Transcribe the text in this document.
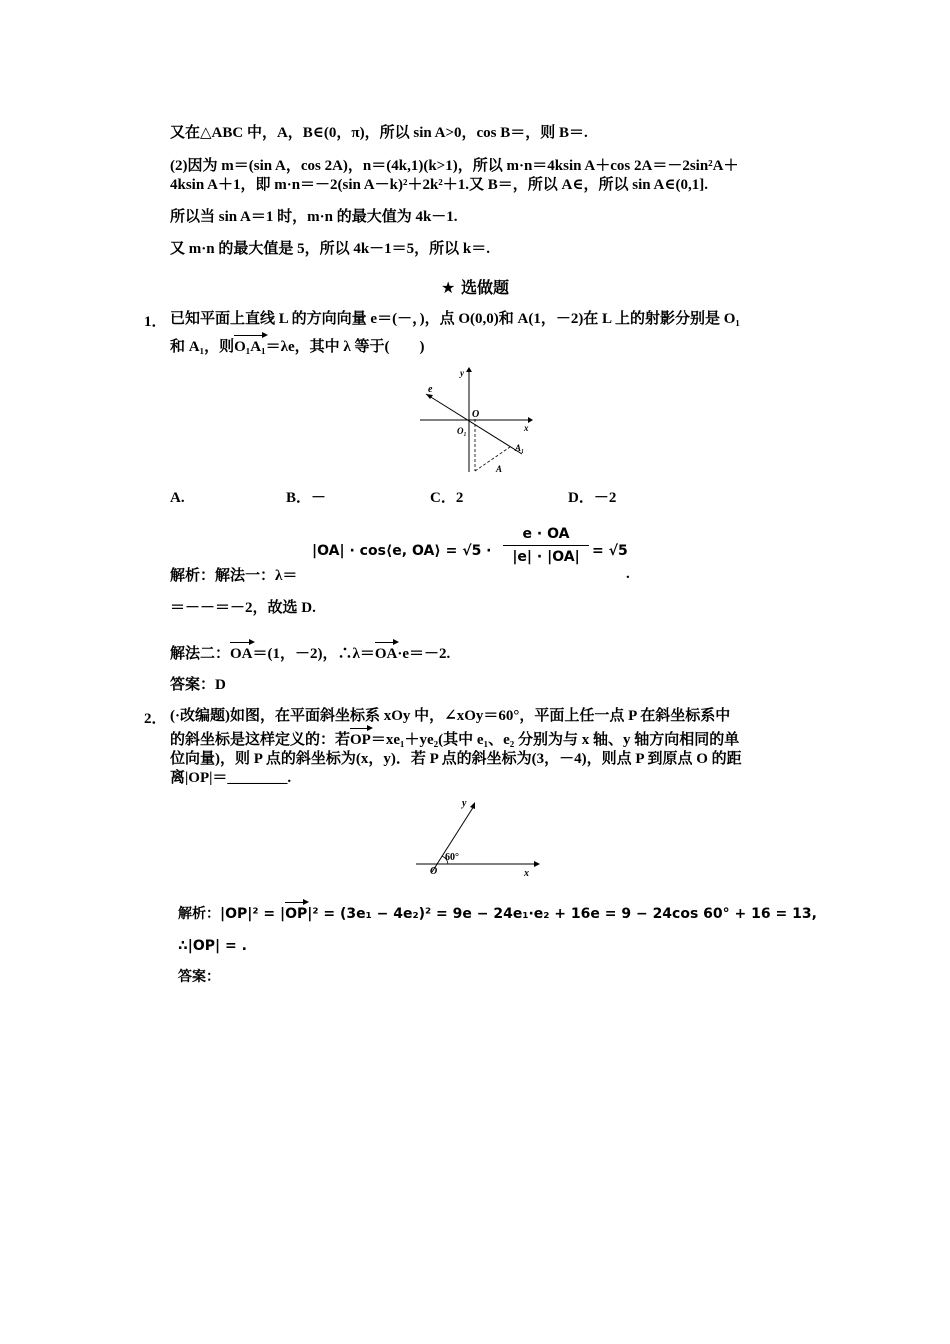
又在△ABC 中，A，B∈(0，π)，所以 sin A>0，cos B＝，则 B＝.
(2)因为 m＝(sin A，cos 2A)，n＝(4k,1)(k>1)，所以 m·n＝4ksin A＋cos 2A＝－2sin²A＋
4ksin A＋1，即 m·n＝－2(sin A－k)²＋2k²＋1.又 B＝，所以 A∈，所以 sin A∈(0,1].
所以当 sin A＝1 时，m·n 的最大值为 4k－1.
又 m·n 的最大值是 5，所以 4k－1＝5，所以 k＝.
★ 选做题
1． 已知平面上直线 L 的方向向量 e＝(－，)，点 O(0,0)和 A(1，－2)在 L 上的射影分别是 O₁
和 A₁，则O₁A₁＝λe，其中 λ 等于(　　)
y
x
O
O₁
A₁
A
e
A.	B．－	C．2	D．－2
|OA| · cos⟨e, OA⟩ = $√5 \cdot \frac{e \cdot OA}{|e| \cdot |OA|} = √5$
解析：解法一：λ＝	.
＝－－＝－2，故选 D.
解法二：OA＝(1，－2)，∴λ＝OA·e＝－2.
答案：D
2． (·改编题)如图，在平面斜坐标系 xOy 中，∠xOy＝60°，平面上任一点 P 在斜坐标系中
的斜坐标是这样定义的：若OP＝xe₁＋ye₂(其中 e₁、e₂ 分别为与 x 轴、y 轴方向相同的单
位向量)，则 P 点的斜坐标为(x，y)．若 P 点的斜坐标为(3，－4)，则点 P 到原点 O 的距
离|OP|＝________.
y
x
O
60°
解析：|OP|² = |OP|² = (3e₁ − 4e₂)² = 9e − 24e₁·e₂ + 16e = 9 − 24cos 60° + 16 = 13,
∴|OP| = .
答案：
